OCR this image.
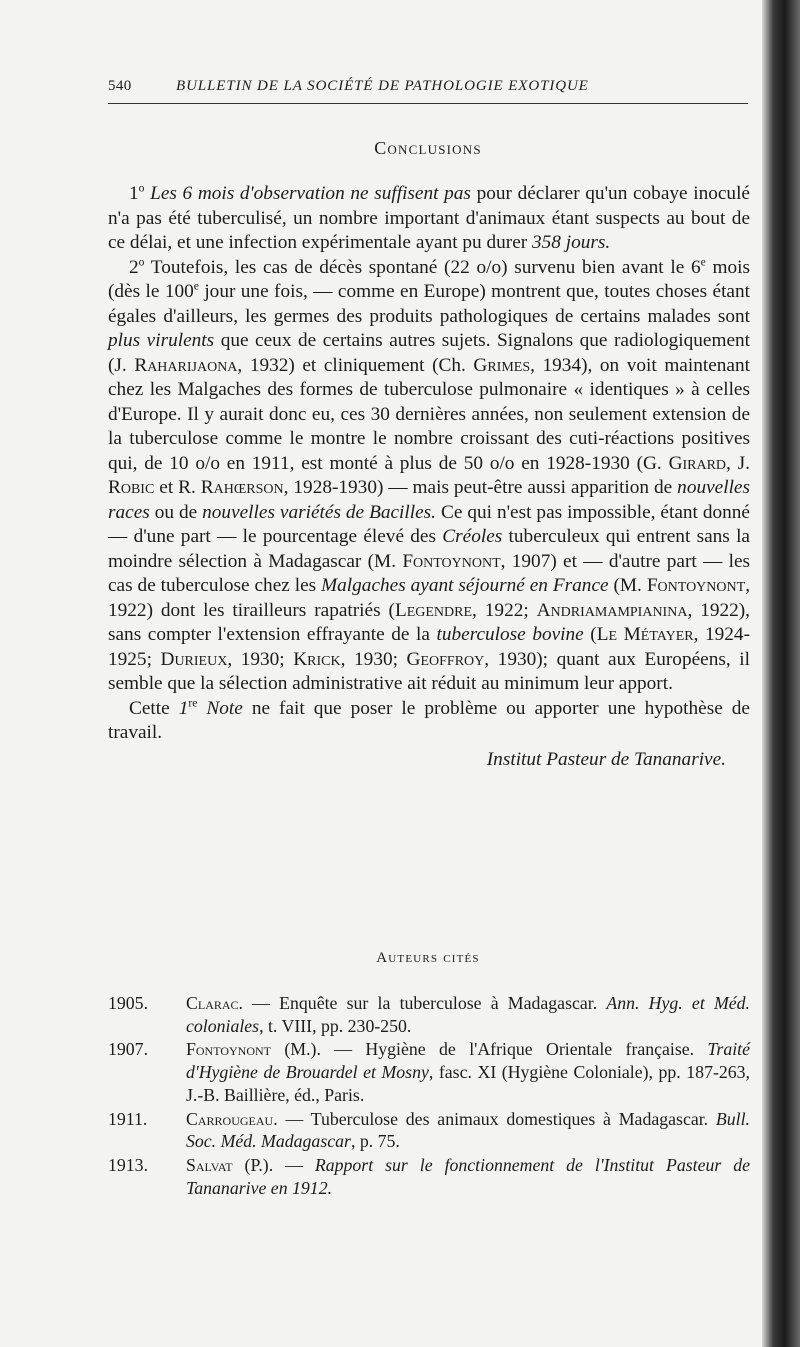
540	BULLETIN DE LA SOCIÉTÉ DE PATHOLOGIE EXOTIQUE
Conclusions

1$^o$ Les 6 mois d'observation ne suffisent pas pour déclarer qu'un cobaye inoculé n'a pas été tuberculisé, un nombre important d'animaux étant suspects au bout de ce délai, et une infection expérimentale ayant pu durer 358 jours.

2$^o$ Toutefois, les cas de décès spontané (22 o/o) survenu bien avant le 6e mois (dès le 100e jour une fois, — comme en Europe) montrent que, toutes choses étant égales d'ailleurs, les germes des produits pathologiques de certains malades sont plus virulents que ceux de certains autres sujets. Signalons que radiologiquement (J. Raharijaona, 1932) et cliniquement (Ch. Grimes, 1934), on voit maintenant chez les Malgaches des formes de tuberculose pulmonaire « identiques » à celles d'Europe. Il y aurait donc eu, ces 30 dernières années, non seulement extension de la tuberculose comme le montre le nombre croissant des cuti-réactions positives qui, de 10 o/o en 1911, est monté à plus de 50 o/o en 1928-1930 (G. Girard, J. Robic et R. Rahœrson, 1928-1930) — mais peut-être aussi apparition de nouvelles races ou de nouvelles variétés de Bacilles. Ce qui n'est pas impossible, étant donné — d'une part — le pourcentage élevé des Créoles tuberculeux qui entrent sans la moindre sélection à Madagascar (M. Fontoynont, 1907) et — d'autre part — les cas de tuberculose chez les Malgaches ayant séjourné en France (M. Fontoynont, 1922) dont les tirailleurs rapatriés (Legendre, 1922; Andriamampianina, 1922), sans compter l'extension effrayante de la tuberculose bovine (Le Métayer, 1924-1925; Durieux, 1930; Krick, 1930; Geoffroy, 1930); quant aux Européens, il semble que la sélection administrative ait réduit au minimum leur apport.

Cette 1re Note ne fait que poser le problème ou apporter une hypothèse de travail.

Institut Pasteur de Tananarive.

Auteurs cités
1905. Clarac. — Enquête sur la tuberculose à Madagascar. Ann. Hyg. et Méd. coloniales, t. VIII, pp. 230-250.
1907. Fontoynont (M.). — Hygiène de l'Afrique Orientale française. Traité d'Hygiène de Brouardel et Mosny, fasc. XI (Hygiène Coloniale), pp. 187-263, J.-B. Baillière, éd., Paris.
1911. Carrougeau. — Tuberculose des animaux domestiques à Madagascar. Bull. Soc. Méd. Madagascar, p. 75.
1913. Salvat (P.). — Rapport sur le fonctionnement de l'Institut Pasteur de Tananarive en 1912.
